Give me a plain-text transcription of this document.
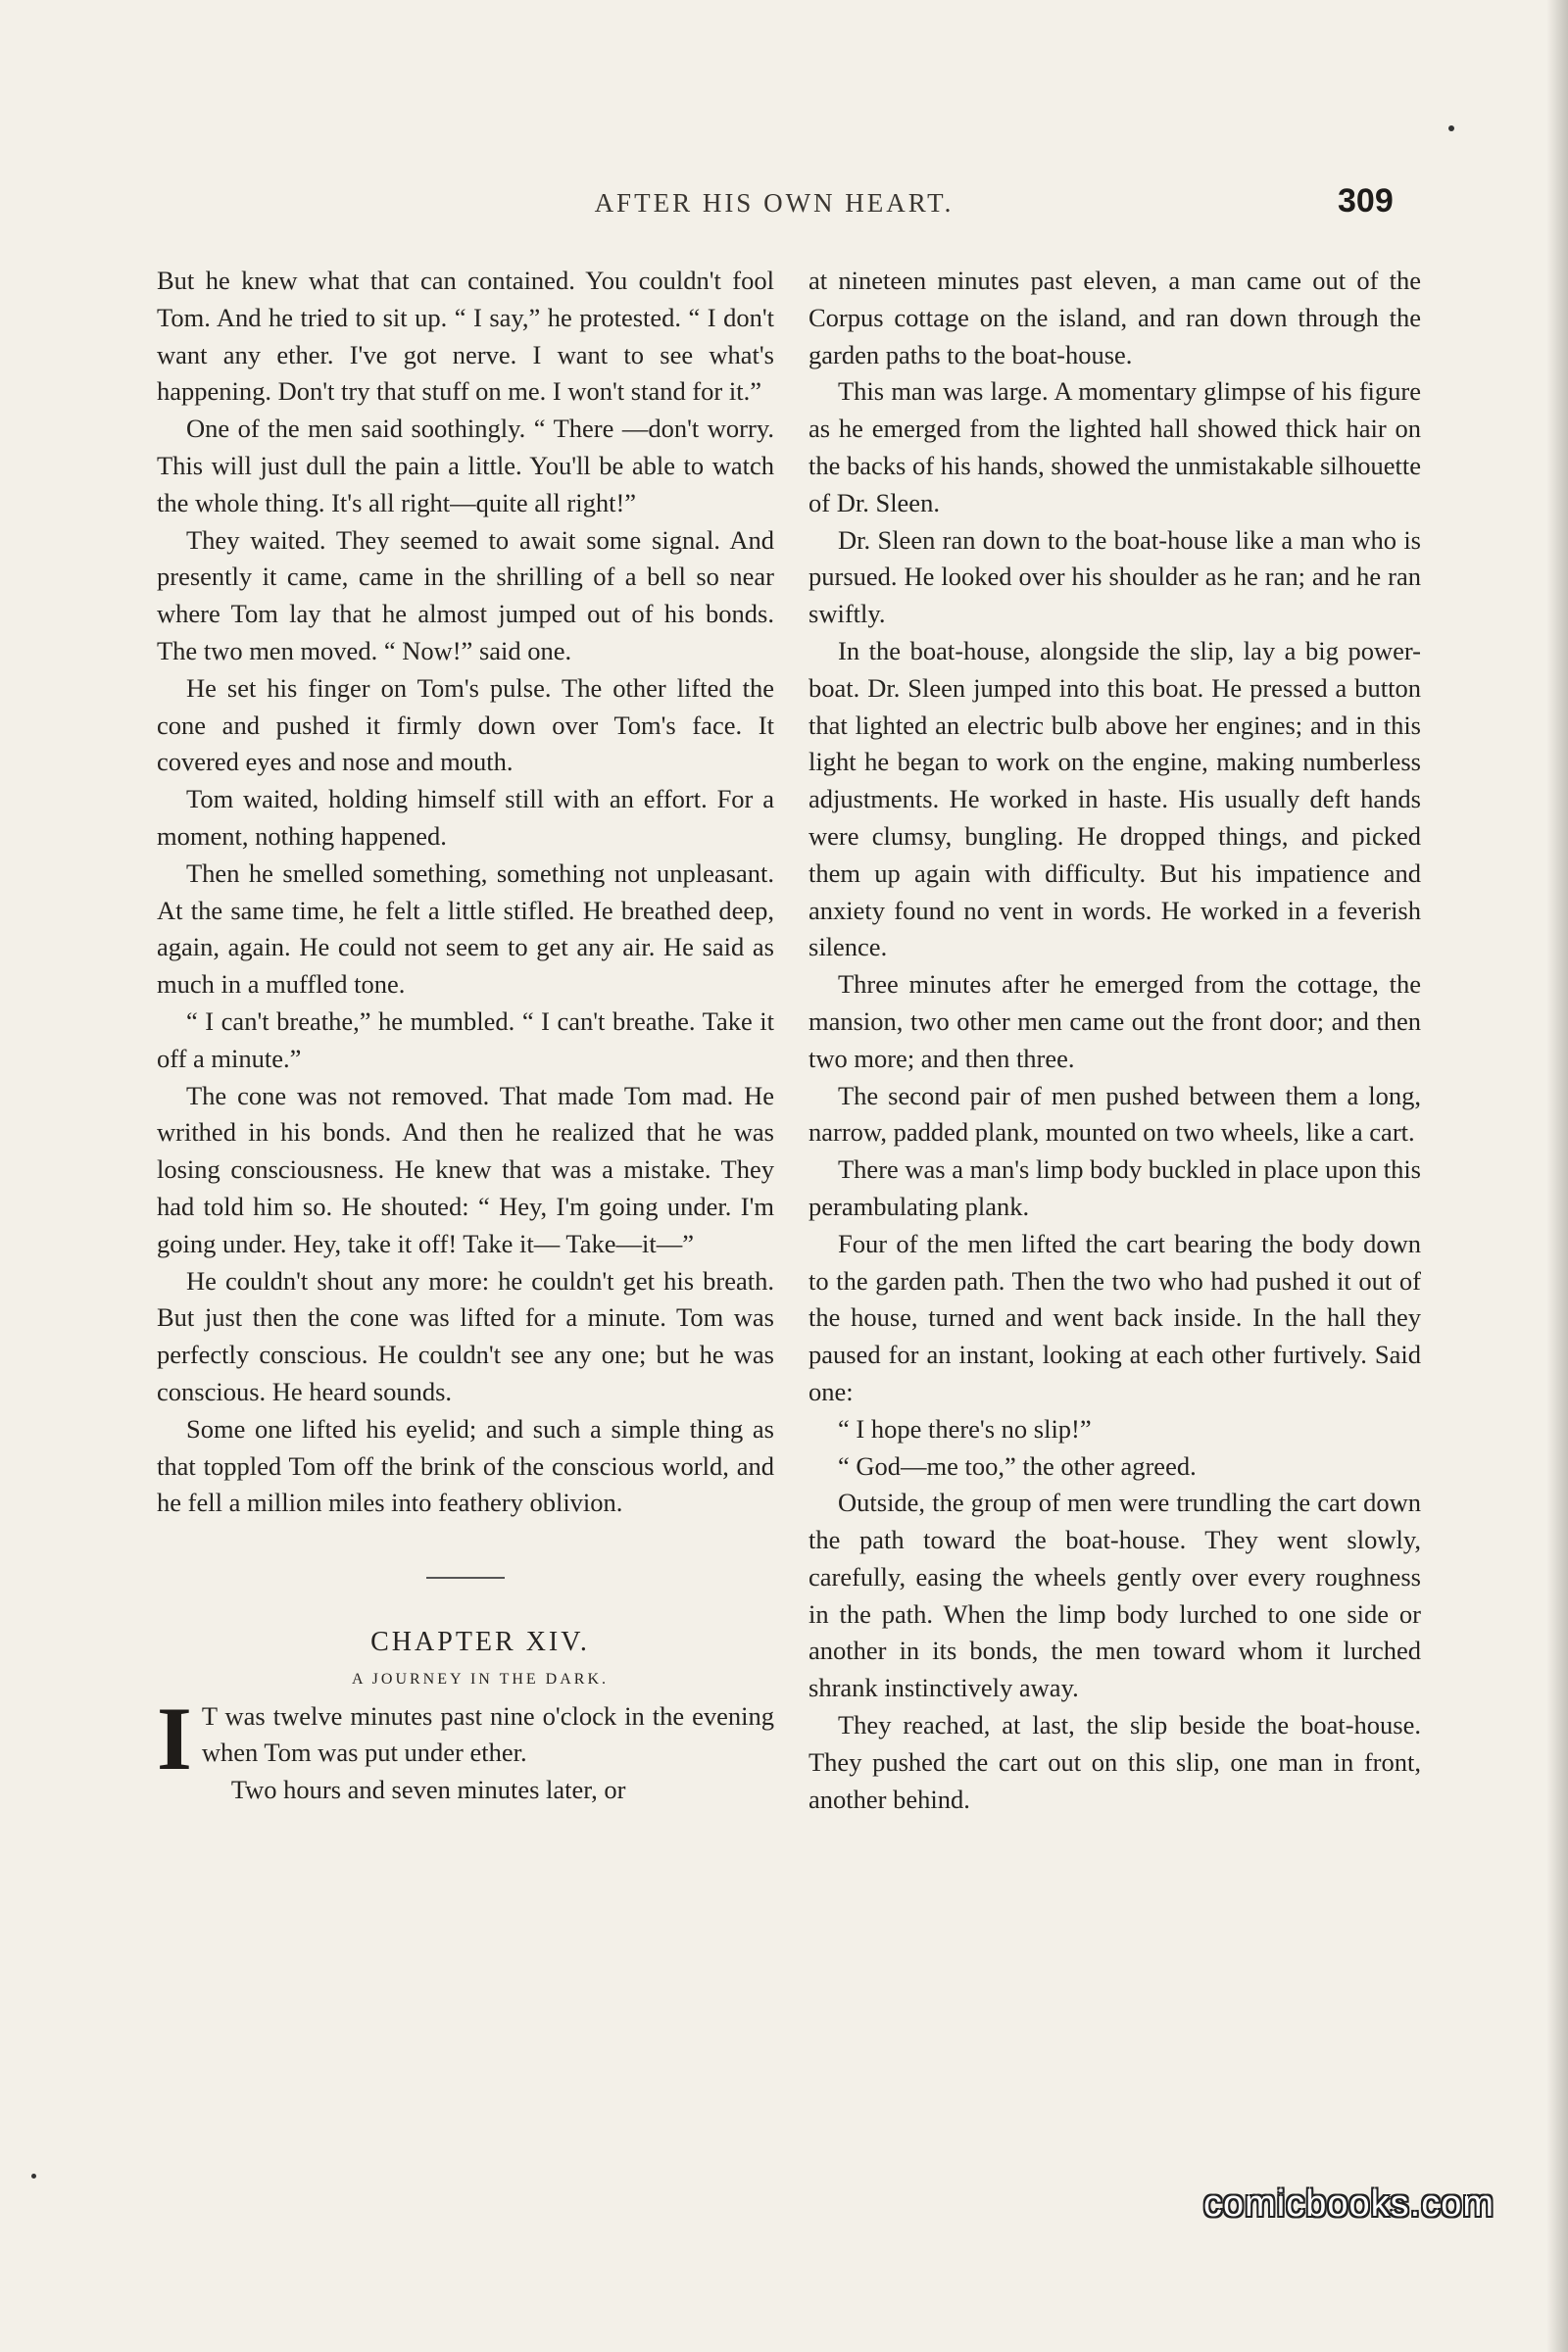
AFTER HIS OWN HEART.	309

But he knew what that can contained. You couldn't fool Tom. And he tried to sit up. “ I say,” he protested. “ I don't want any ether. I've got nerve. I want to see what's happening. Don't try that stuff on me. I won't stand for it.”

One of the men said soothingly. “ There —don't worry. This will just dull the pain a little. You'll be able to watch the whole thing. It's all right—quite all right!”

They waited. They seemed to await some signal. And presently it came, came in the shrilling of a bell so near where Tom lay that he almost jumped out of his bonds. The two men moved. “ Now!” said one.

He set his finger on Tom's pulse. The other lifted the cone and pushed it firmly down over Tom's face. It covered eyes and nose and mouth.

Tom waited, holding himself still with an effort. For a moment, nothing happened.

Then he smelled something, something not unpleasant. At the same time, he felt a little stifled. He breathed deep, again, again. He could not seem to get any air. He said as much in a muffled tone.

“ I can't breathe,” he mumbled. “ I can't breathe. Take it off a minute.”

The cone was not removed. That made Tom mad. He writhed in his bonds. And then he realized that he was losing consciousness. He knew that was a mistake. They had told him so. He shouted: “ Hey, I'm going under. I'm going under. Hey, take it off! Take it— Take—it—”

He couldn't shout any more: he couldn't get his breath. But just then the cone was lifted for a minute. Tom was perfectly conscious. He couldn't see any one; but he was conscious. He heard sounds.

Some one lifted his eyelid; and such a simple thing as that toppled Tom off the brink of the conscious world, and he fell a million miles into feathery oblivion.

CHAPTER XIV.

A JOURNEY IN THE DARK.

I T was twelve minutes past nine o'clock in the evening when Tom was put under ether.

Two hours and seven minutes later, or

at nineteen minutes past eleven, a man came out of the Corpus cottage on the island, and ran down through the garden paths to the boat-house.

This man was large. A momentary glimpse of his figure as he emerged from the lighted hall showed thick hair on the backs of his hands, showed the unmistakable silhouette of Dr. Sleen.

Dr. Sleen ran down to the boat-house like a man who is pursued. He looked over his shoulder as he ran; and he ran swiftly.

In the boat-house, alongside the slip, lay a big power-boat. Dr. Sleen jumped into this boat. He pressed a button that lighted an electric bulb above her engines; and in this light he began to work on the engine, making numberless adjustments. He worked in haste. His usually deft hands were clumsy, bungling. He dropped things, and picked them up again with difficulty. But his impatience and anxiety found no vent in words. He worked in a feverish silence.

Three minutes after he emerged from the cottage, the mansion, two other men came out the front door; and then two more; and then three.

The second pair of men pushed between them a long, narrow, padded plank, mounted on two wheels, like a cart.

There was a man's limp body buckled in place upon this perambulating plank.

Four of the men lifted the cart bearing the body down to the garden path. Then the two who had pushed it out of the house, turned and went back inside. In the hall they paused for an instant, looking at each other furtively. Said one:

“ I hope there's no slip!”

“ God—me too,” the other agreed.

Outside, the group of men were trundling the cart down the path toward the boat-house. They went slowly, carefully, easing the wheels gently over every roughness in the path. When the limp body lurched to one side or another in its bonds, the men toward whom it lurched shrank instinctively away.

They reached, at last, the slip beside the boat-house. They pushed the cart out on this slip, one man in front, another behind.

comicbooks.com
